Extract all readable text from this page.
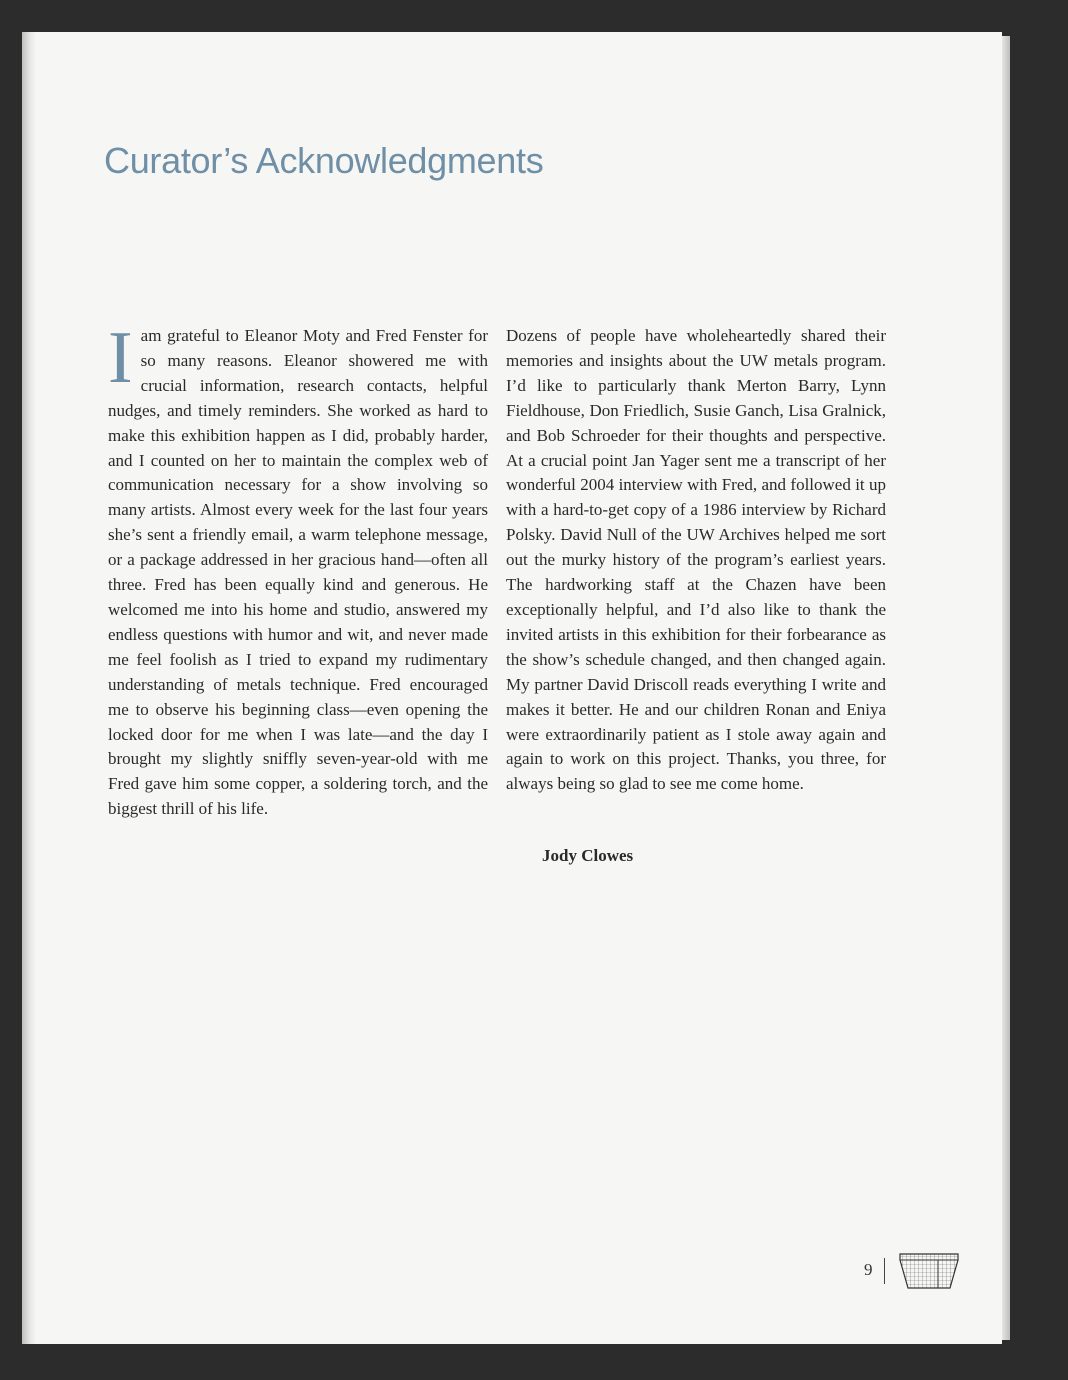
Curator’s Acknowledgments
I am grateful to Eleanor Moty and Fred Fenster for so many reasons. Eleanor showered me with crucial information, research contacts, helpful nudges, and timely reminders. She worked as hard to make this exhibition happen as I did, probably harder, and I counted on her to maintain the complex web of communication necessary for a show involving so many artists. Almost every week for the last four years she’s sent a friendly email, a warm telephone message, or a package addressed in her gracious hand—often all three. Fred has been equally kind and generous. He welcomed me into his home and studio, answered my endless questions with humor and wit, and never made me feel foolish as I tried to expand my rudimentary understanding of metals technique. Fred encouraged me to observe his beginning class—even opening the locked door for me when I was late—and the day I brought my slightly sniffly seven-year-old with me Fred gave him some copper, a soldering torch, and the biggest thrill of his life.

Dozens of people have wholeheartedly shared their memories and insights about the UW metals program. I’d like to particularly thank Merton Barry, Lynn Fieldhouse, Don Friedlich, Susie Ganch, Lisa Gralnick, and Bob Schroeder for their thoughts and perspective. At a crucial point Jan Yager sent me a transcript of her wonderful 2004 interview with Fred, and followed it up with a hard-to-get copy of a 1986 interview by Richard Polsky. David Null of the UW Archives helped me sort out the murky history of the program’s earliest years. The hardworking staff at the Chazen have been exceptionally helpful, and I’d also like to thank the invited artists in this exhibition for their forbearance as the show’s schedule changed, and then changed again. My partner David Driscoll reads everything I write and makes it better. He and our children Ronan and Eniya were extraordinarily patient as I stole away again and again to work on this project. Thanks, you three, for always being so glad to see me come home.

Jody Clowes
9
